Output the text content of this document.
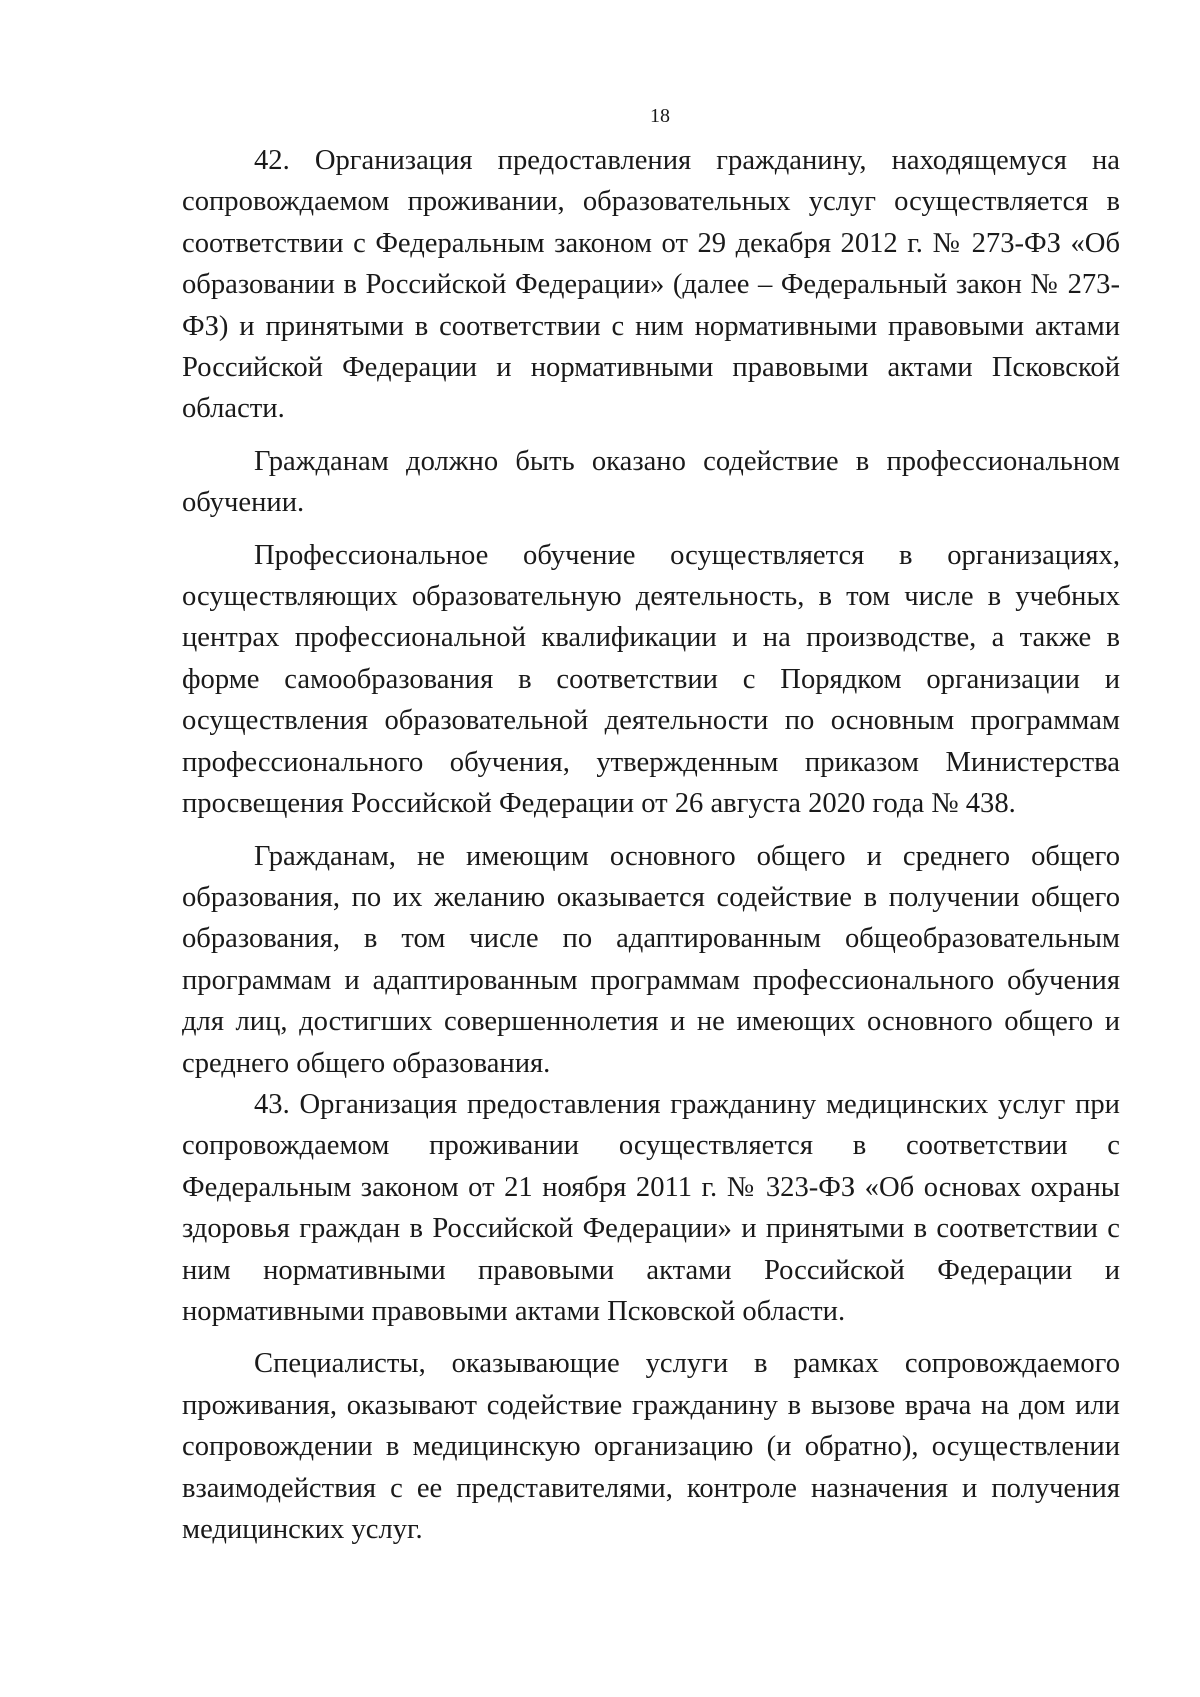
18

42. Организация предоставления гражданину, находящемуся на сопровождаемом проживании, образовательных услуг осуществляется в соответствии с Федеральным законом от 29 декабря 2012 г. № 273-ФЗ «Об образовании в Российской Федерации» (далее – Федеральный закон № 273-ФЗ) и принятыми в соответствии с ним нормативными правовыми актами Российской Федерации и нормативными правовыми актами Псковской области.

Гражданам должно быть оказано содействие в профессиональном обучении.

Профессиональное обучение осуществляется в организациях, осуществляющих образовательную деятельность, в том числе в учебных центрах профессиональной квалификации и на производстве, а также в форме самообразования в соответствии с Порядком организации и осуществления образовательной деятельности по основным программам профессионального обучения, утвержденным приказом Министерства просвещения Российской Федерации от 26 августа 2020 года № 438.

Гражданам, не имеющим основного общего и среднего общего образования, по их желанию оказывается содействие в получении общего образования, в том числе по адаптированным общеобразовательным программам и адаптированным программам профессионального обучения для лиц, достигших совершеннолетия и не имеющих основного общего и среднего общего образования.

43. Организация предоставления гражданину медицинских услуг при сопровождаемом проживании осуществляется в соответствии с Федеральным законом от 21 ноября 2011 г. № 323-ФЗ «Об основах охраны здоровья граждан в Российской Федерации» и принятыми в соответствии с ним нормативными правовыми актами Российской Федерации и нормативными правовыми актами Псковской области.

Специалисты, оказывающие услуги в рамках сопровождаемого проживания, оказывают содействие гражданину в вызове врача на дом или сопровождении в медицинскую организацию (и обратно), осуществлении взаимодействия с ее представителями, контроле назначения и получения медицинских услуг.
